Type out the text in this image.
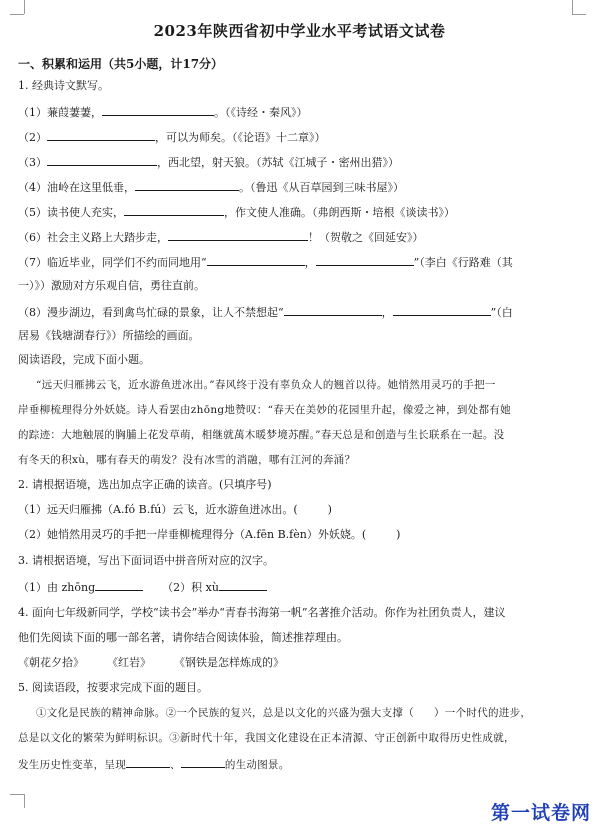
2023年陕西省初中学业水平考试语文试卷
一、积累和运用（共5小题，计17分）
1. 经典诗文默写。
（1）蒹葭萋萋，	。（《诗经・秦风》）
（2）	，可以为师矣。（《论语》十二章》）
（3）	，西北望，射天狼。（苏轼《江城子・密州出猎》）
（4）油岭在这里低垂，	。（鲁迅《从百草园到三味书屋》）
（5）读书使人充实，	，作文使人准确。（弗朗西斯・培根《谈读书》）
（6）社会主义路上大踏步走，	！（贺敬之《回延安》）
（7）临近毕业，同学们不约而同地用“	，	”（李白《行路难（其
一）》）激励对方乐观自信，勇往直前。
（8）漫步湖边，看到禽鸟忙碌的景象，让人不禁想起“	，	”（白
居易《钱塘湖春行》）所描绘的画面。
阅读语段，完成下面小题。
“远天归雁拂云飞，近水游鱼迸冰出。”春风终于没有辜负众人的翘首以待。她悄然用灵巧的手把一
岸垂柳梳理得分外妖娆。诗人看罢由zhōng地赞叹：“春天在美妙的花园里升起，像爱之神，到处都有她
的踪迹：大地触展的胸脯上花发草萌，相继就萬木暖梦境苏醒。”春天总是和创造与生长联系在一起。没
有冬天的积xù，哪有春天的萌发？没有冰雪的消融，哪有江河的奔涌？
2. 请根据语境，选出加点字正确的读音。(只填序号)
（1）远天归雁拂（A.fó B.fú）云飞，近水游鱼迸冰出。(	)
（2）她悄然用灵巧的手把一岸垂柳梳理得分（A.fēn B.fèn）外妖娆。(	)
3. 请根据语境，写出下面词语中拼音所对应的汉字。
（1）由 zhōng	（2）积 xù
4. 面向七年级新同学，学校“读书会”举办“青春书海第一帆”名著推介活动。你作为社团负责人，建议
他们先阅读下面的哪一部名著，请你结合阅读体验，简述推荐理由。
《朝花夕拾》 《红岩》 《钢铁是怎样炼成的》
5. 阅读语段，按要求完成下面的题目。
①文化是民族的精神命脉。②一个民族的复兴，总是以文化的兴盛为强大支撑（ ）一个时代的进步，
总是以文化的繁荣为鲜明标识。③新时代十年，我国文化建设在正本清源、守正创新中取得历史性成就，
发生历史性变革，呈现	、	的生动图景。
第一试卷网
